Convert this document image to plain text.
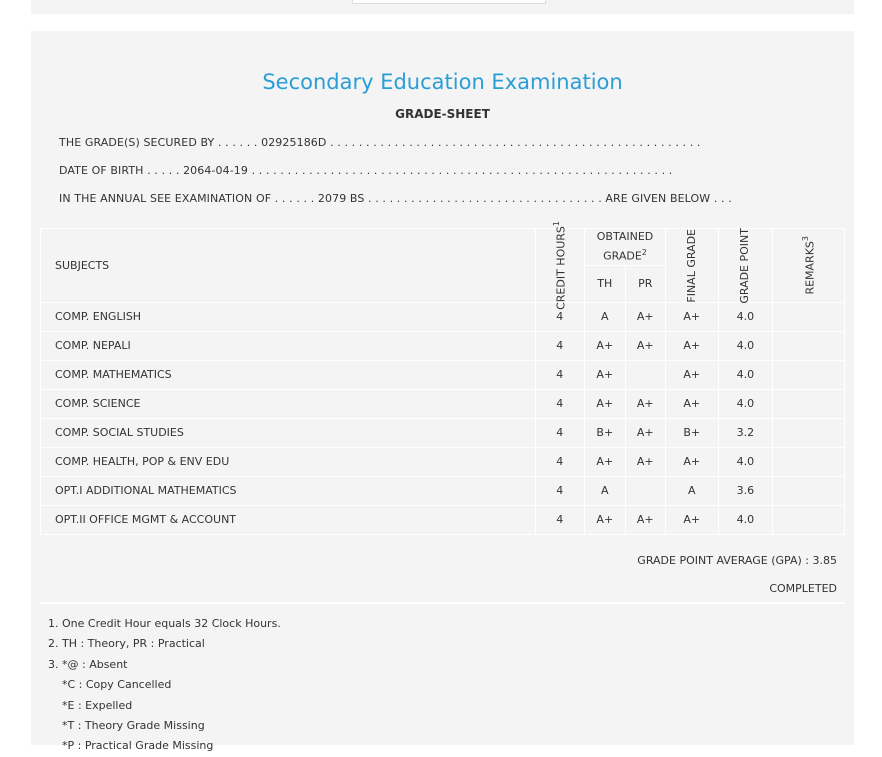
Secondary Education Examination
GRADE-SHEET
THE GRADE(S) SECURED BY . . . . . . 02925186D . . . . . . . . . . . . . . . . . . . . . . . . . . . . . . . . . . . . . . . . . . . . . . . . . . . .
DATE OF BIRTH . . . . . 2064-04-19 . . . . . . . . . . . . . . . . . . . . . . . . . . . . . . . . . . . . . . . . . . . . . . . . . . . . . . . . . . .
IN THE ANNUAL SEE EXAMINATION OF . . . . . . 2079 BS . . . . . . . . . . . . . . . . . . . . . . . . . . . . . . . . . ARE GIVEN BELOW . . .
SUBJECTS	CREDIT HOURS$^1$	OBTAINED GRADE$^2$		FINAL GRADE	GRADE POINT	REMARKS$^3$

		TH	PR			
COMP. ENGLISH	4	A	A+	A+	4.0	
COMP. NEPALI	4	A+	A+	A+	4.0	
COMP. MATHEMATICS	4	A+		A+	4.0	
COMP. SCIENCE	4	A+	A+	A+	4.0	
COMP. SOCIAL STUDIES	4	B+	A+	B+	3.2	
COMP. HEALTH, POP & ENV EDU	4	A+	A+	A+	4.0	
OPT.I ADDITIONAL MATHEMATICS	4	A		A	3.6	
OPT.II OFFICE MGMT & ACCOUNT	4	A+	A+	A+	4.0	
GRADE POINT AVERAGE (GPA) : 3.85
COMPLETED
1. One Credit Hour equals 32 Clock Hours.
2. TH : Theory, PR : Practical
3. *@ : Absent
*C : Copy Cancelled
*E : Expelled
*T : Theory Grade Missing
*P : Practical Grade Missing
